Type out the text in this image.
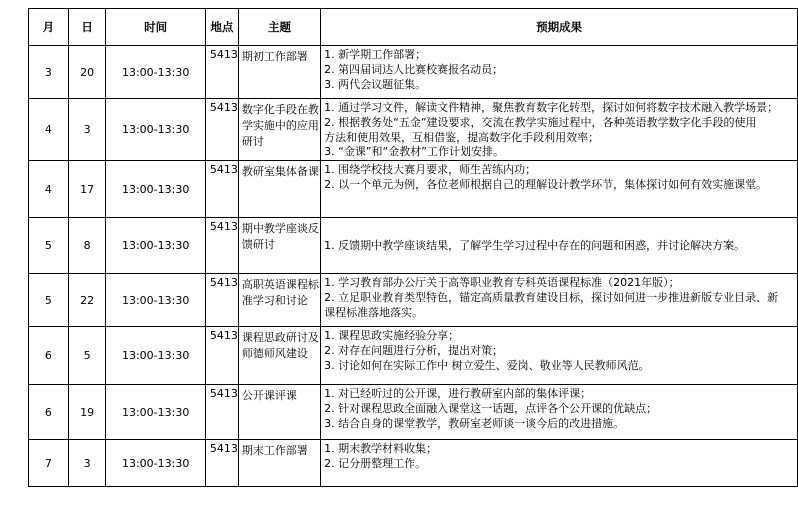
月	日	时间	地点	主题	预期成果
3	20	13:00-13:30	5413	期初工作部署	1. 新学期工作部署；
2. 第四届词达人比赛校赛报名动员；
3. 两代会议题征集。

4	3	13:00-13:30	5413	数字化手段在教学实施中的应用研讨	1. 通过学习文件，解读文件精神，聚焦教育数字化转型，探讨如何将数字技术融入教学场景；
2. 根据教务处“五金”建设要求，交流在教学实施过程中，各种英语教学数字化手段的使用
方法和使用效果，互相借鉴，提高数字化手段利用效率；
3. “金课”和“金教材”工作计划安排。

4	17	13:00-13:30	5413	教研室集体备课	1. 围绕学校技大赛月要求，师生苦练内功；
2. 以一个单元为例，各位老师根据自己的理解设计教学环节，集体探讨如何有效实施课堂。

5	8	13:00-13:30	5413	期中教学座谈反馈研讨	1. 反馈期中教学座谈结果，了解学生学习过程中存在的问题和困惑，并讨论解决方案。

5	22	13:00-13:30	5413	高职英语课程标准学习和讨论	1. 学习教育部办公厅关于高等职业教育专科英语课程标准（2021年版）；
2. 立足职业教育类型特色，锚定高质量教育建设目标，探讨如何进一步推进新版专业目录、新
课程标准落地落实。

6	5	13:00-13:30	5413	课程思政研讨及师德师风建设	1. 课程思政实施经验分享；
2. 对存在问题进行分析，提出对策；
3. 讨论如何在实际工作中 树立爱生、爱岗、敬业等人民教师风范。

6	19	13:00-13:30	5413	公开课评课	1. 对已经听过的公开课，进行教研室内部的集体评课；
2. 针对课程思政全面融入课堂这一话题，点评各个公开课的优缺点；
3. 结合自身的课堂教学，教研室老师谈一谈今后的改进措施。

7	3	13:00-13:30	5413	期末工作部署	1. 期末教学材料收集；
2. 记分册整理工作。
